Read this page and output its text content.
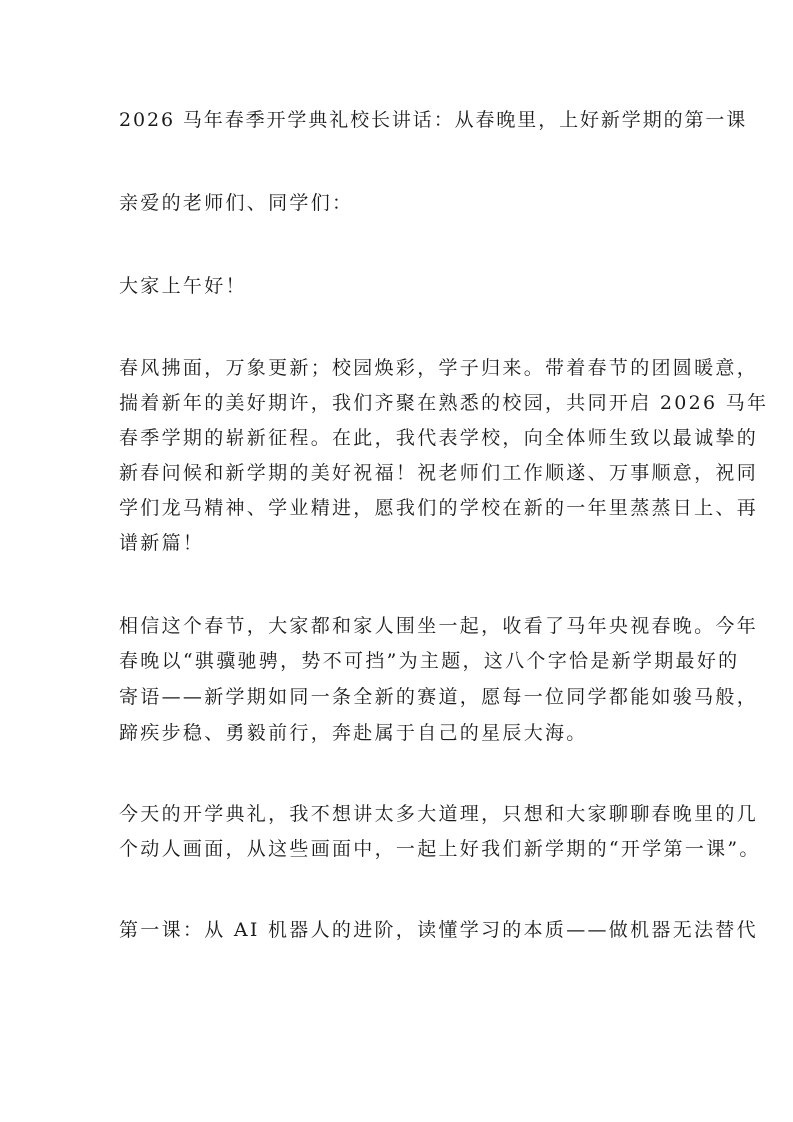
2026 马年春季开学典礼校长讲话：从春晚里，上好新学期的第一课
亲爱的老师们、同学们：
大家上午好！
春风拂面，万象更新；校园焕彩，学子归来。带着春节的团圆暖意，
揣着新年的美好期许，我们齐聚在熟悉的校园，共同开启 2026 马年
春季学期的崭新征程。在此，我代表学校，向全体师生致以最诚挚的
新春问候和新学期的美好祝福！祝老师们工作顺遂、万事顺意，祝同
学们龙马精神、学业精进，愿我们的学校在新的一年里蒸蒸日上、再
谱新篇！
相信这个春节，大家都和家人围坐一起，收看了马年央视春晚。今年
春晚以“骐骥驰骋，势不可挡”为主题，这八个字恰是新学期最好的
寄语——新学期如同一条全新的赛道，愿每一位同学都能如骏马般，
蹄疾步稳、勇毅前行，奔赴属于自己的星辰大海。
今天的开学典礼，我不想讲太多大道理，只想和大家聊聊春晚里的几
个动人画面，从这些画面中，一起上好我们新学期的“开学第一课”。
第一课：从 AI 机器人的进阶，读懂学习的本质——做机器无法替代
